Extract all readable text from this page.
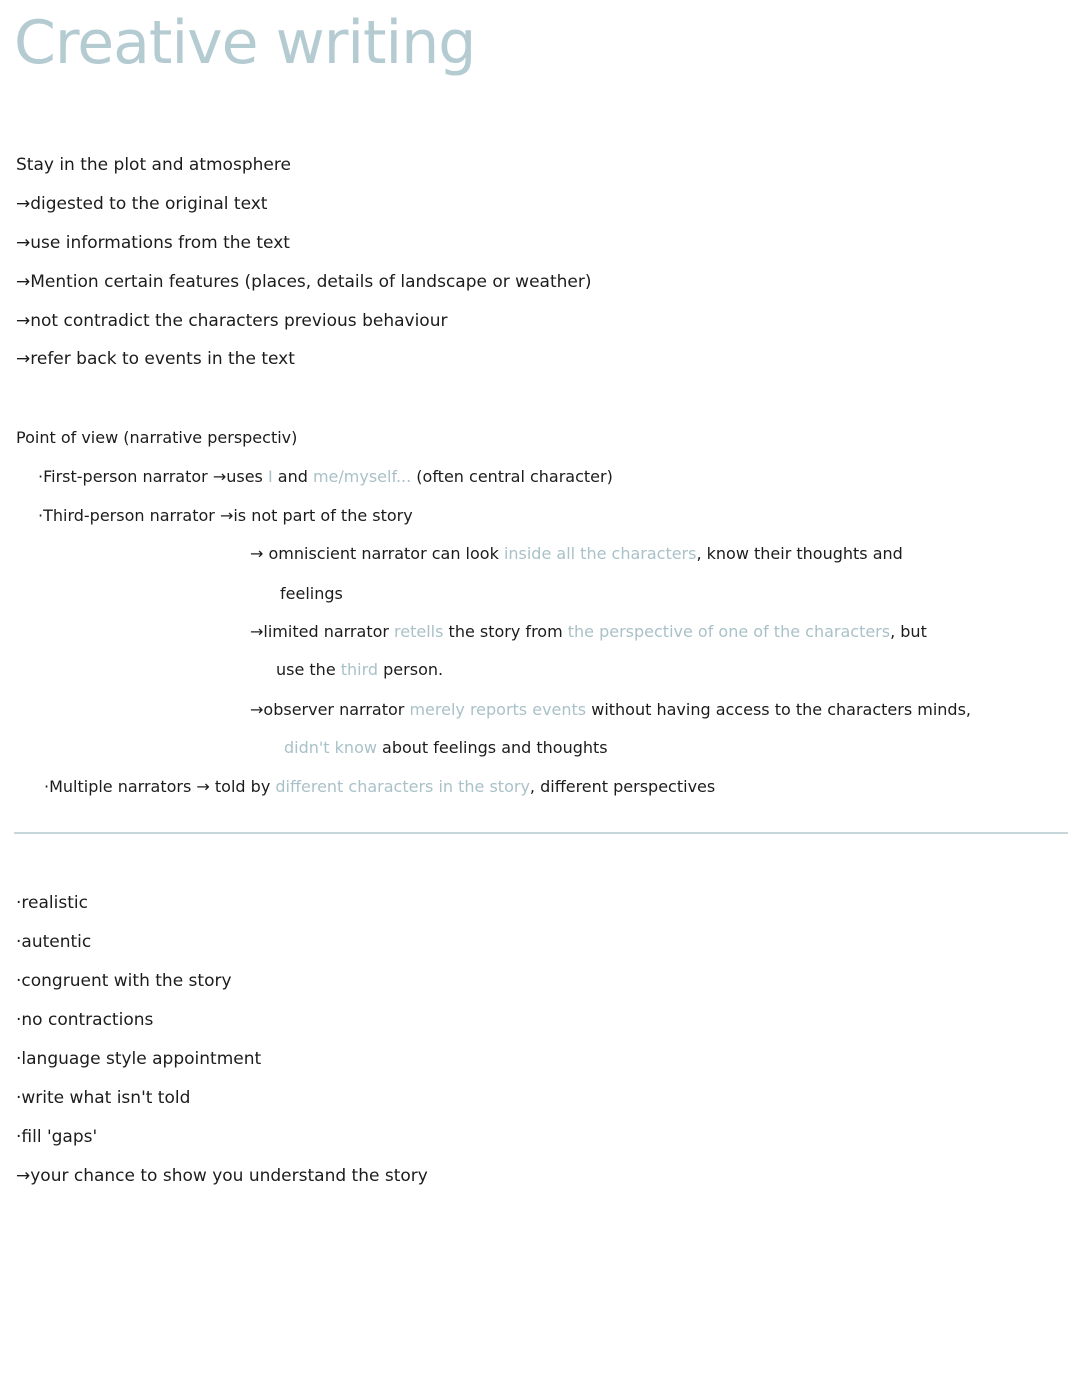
Creative writing
Stay in the plot and atmosphere
→digested to the original text
→use informations from the text
→Mention certain features (places, details of landscape or weather)
→not contradict the characters previous behaviour
→refer back to events in the text
Point of view (narrative perspectiv)
·First-person narrator →uses I and me/myself... (often central character)
·Third-person narrator →is not part of the story
→ omniscient narrator can look inside all the characters, know their thoughts and
feelings
→limited narrator retells the story from the perspective of one of the characters, but
use the third person.
→observer narrator merely reports events without having access to the characters minds,
didn't know about feelings and thoughts
·Multiple narrators → told by different characters in the story, different perspectives
·realistic
·autentic
·congruent with the story
·no contractions
·language style appointment
·write what isn't told
·fill 'gaps'
→your chance to show you understand the story
